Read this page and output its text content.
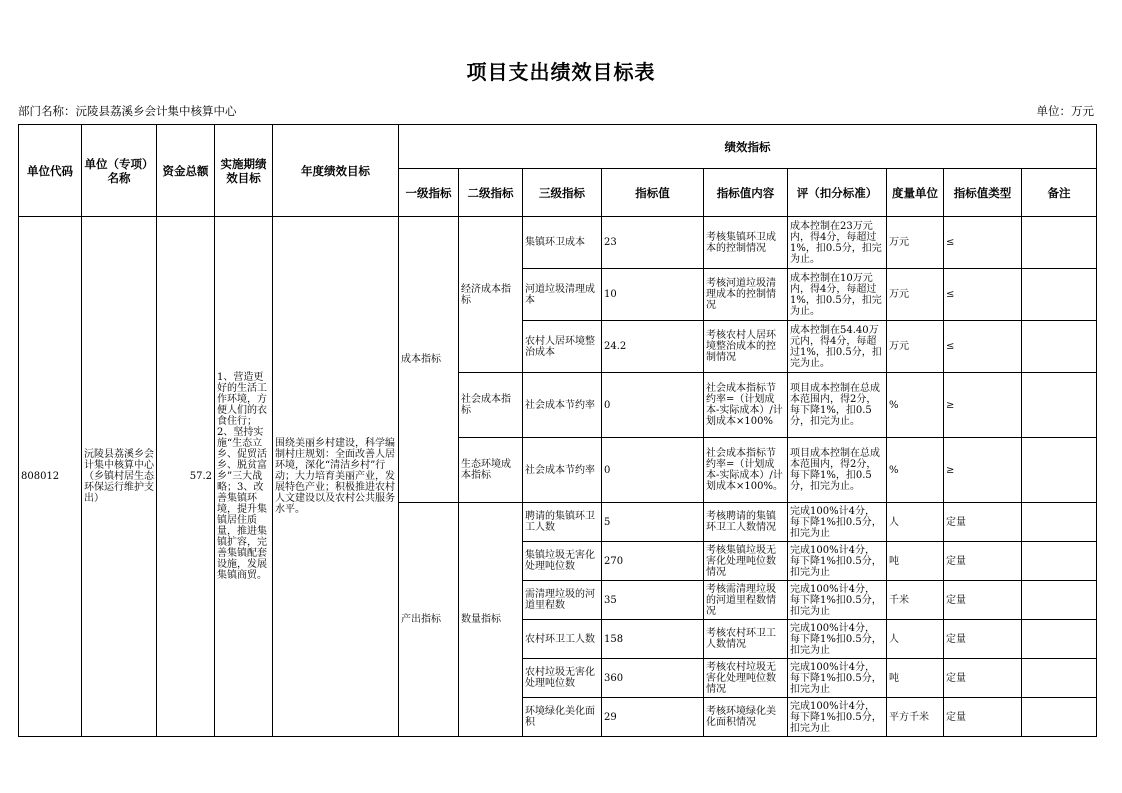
项目支出绩效目标表
部门名称：沅陵县荔溪乡会计集中核算中心	单位：万元
单位代码	单位（专项）名称	资金总额	实施期绩效目标	年度绩效目标	绩效指标								
					一级指标	二级指标	三级指标	指标值	指标值内容	评（扣分标准）	度量单位	指标值类型	备注
808012	沅陵县荔溪乡会计集中核算中心（乡镇村居生态环保运行维护支出）	57.2	1、营造更好的生活工作环境，方便人们的衣食住行；2、坚持实施“生态立乡、促贸活乡、脱贫富乡”三大战略；3、改善集镇环境，提升集镇居住质量，推进集镇扩容，完善集镇配套设施，发展集镇商贸。	围绕美丽乡村建设，科学编制村庄规划：全面改善人居环境，深化“清洁乡村”行动；大力培育美丽产业，发展特色产业；积极推进农村人文建设以及农村公共服务水平。	成本指标	经济成本指标	集镇环卫成本	23	考核集镇环卫成本的控制情况	成本控制在23万元内，得4分，每超过1%，扣0.5分，扣完为止。	万元	≤	
							河道垃圾清理成本	10	考核河道垃圾清理成本的控制情况	成本控制在10万元内，得4分，每超过1%，扣0.5分，扣完为止。	万元	≤	
							农村人居环境整治成本	24.2	考核农村人居环境整治成本的控制情况	成本控制在54.40万元内，得4分，每超过1%，扣0.5分，扣完为止。	万元	≤	
						社会成本指标	社会成本节约率	0	社会成本指标节约率=（计划成本-实际成本）/计划成本×100%	项目成本控制在总成本范围内，得2分，每下降1%，扣0.5分，扣完为止。	%	≥	
						生态环境成本指标	社会成本节约率	0	社会成本指标节约率=（计划成本-实际成本）/计划成本×100%。	项目成本控制在总成本范围内，得2分，每下降1%，扣0.5分，扣完为止。	%	≥	
					产出指标	数量指标	聘请的集镇环卫工人数	5	考核聘请的集镇环卫工人数情况	完成100%计4分，每下降1%扣0.5分，扣完为止	人	定量	
							集镇垃圾无害化处理吨位数	270	考核集镇垃圾无害化处理吨位数情况	完成100%计4分，每下降1%扣0.5分，扣完为止	吨	定量	
							需清理垃圾的河道里程数	35	考核需清理垃圾的河道里程数情况	完成100%计4分，每下降1%扣0.5分，扣完为止	千米	定量	
							农村环卫工人数	158	考核农村环卫工人数情况	完成100%计4分，每下降1%扣0.5分，扣完为止	人	定量	
							农村垃圾无害化处理吨位数	360	考核农村垃圾无害化处理吨位数情况	完成100%计4分，每下降1%扣0.5分，扣完为止	吨	定量	
							环境绿化美化面积	29	考核环境绿化美化面积情况	完成100%计4分，每下降1%扣0.5分，扣完为止	平方千米	定量	
